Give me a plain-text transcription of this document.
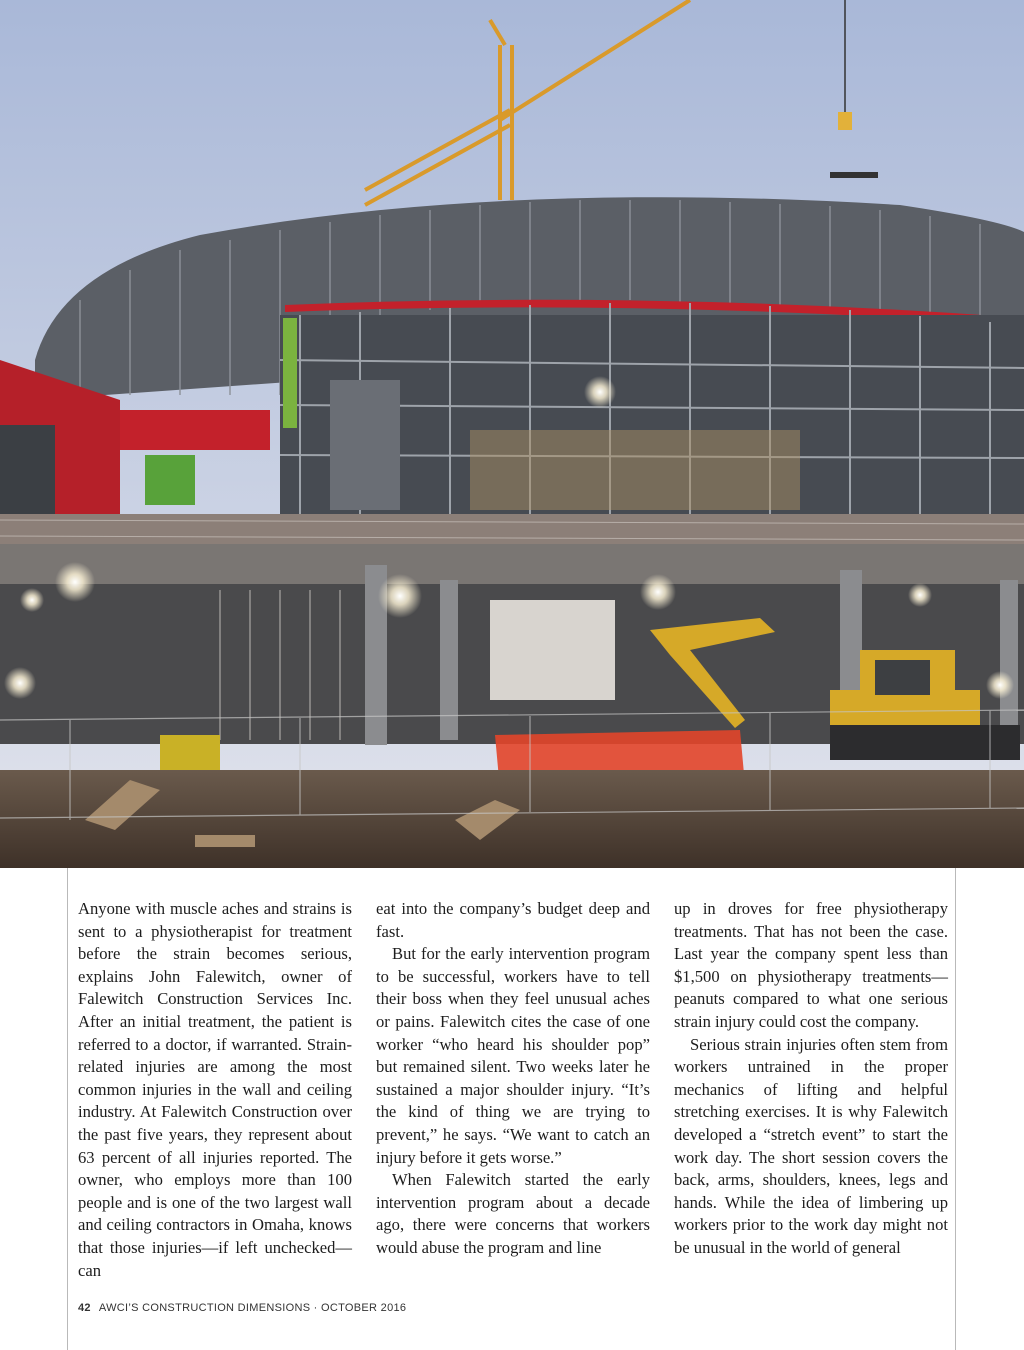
Anyone with muscle aches and strains is sent to a physiotherapist for treatment before the strain becomes serious, explains John Falewitch, owner of Falewitch Construction Services Inc. After an initial treatment, the patient is referred to a doctor, if warranted. Strain-related injuries are among the most common injuries in the wall and ceiling industry. At Falewitch Construction over the past five years, they represent about 63 percent of all injuries reported. The owner, who employs more than 100 people and is one of the two largest wall and ceiling contractors in Omaha, knows that those injuries—if left unchecked—can

eat into the company’s budget deep and fast.

But for the early intervention program to be successful, workers have to tell their boss when they feel unusual aches or pains. Falewitch cites the case of one worker “who heard his shoulder pop” but remained silent. Two weeks later he sustained a major shoulder injury. “It’s the kind of thing we are trying to prevent,” he says. “We want to catch an injury before it gets worse.”

When Falewitch started the early intervention program about a decade ago, there were concerns that workers would abuse the program and line

up in droves for free physiotherapy treatments. That has not been the case. Last year the company spent less than $1,500 on physiotherapy treatments—peanuts compared to what one serious strain injury could cost the company.

Serious strain injuries often stem from workers untrained in the proper mechanics of lifting and helpful stretching exercises. It is why Falewitch developed a “stretch event” to start the work day. The short session covers the back, arms, shoulders, knees, legs and hands. While the idea of limbering up workers prior to the work day might not be unusual in the world of general

42 AWCI’S CONSTRUCTION DIMENSIONS · OCTOBER 2016
